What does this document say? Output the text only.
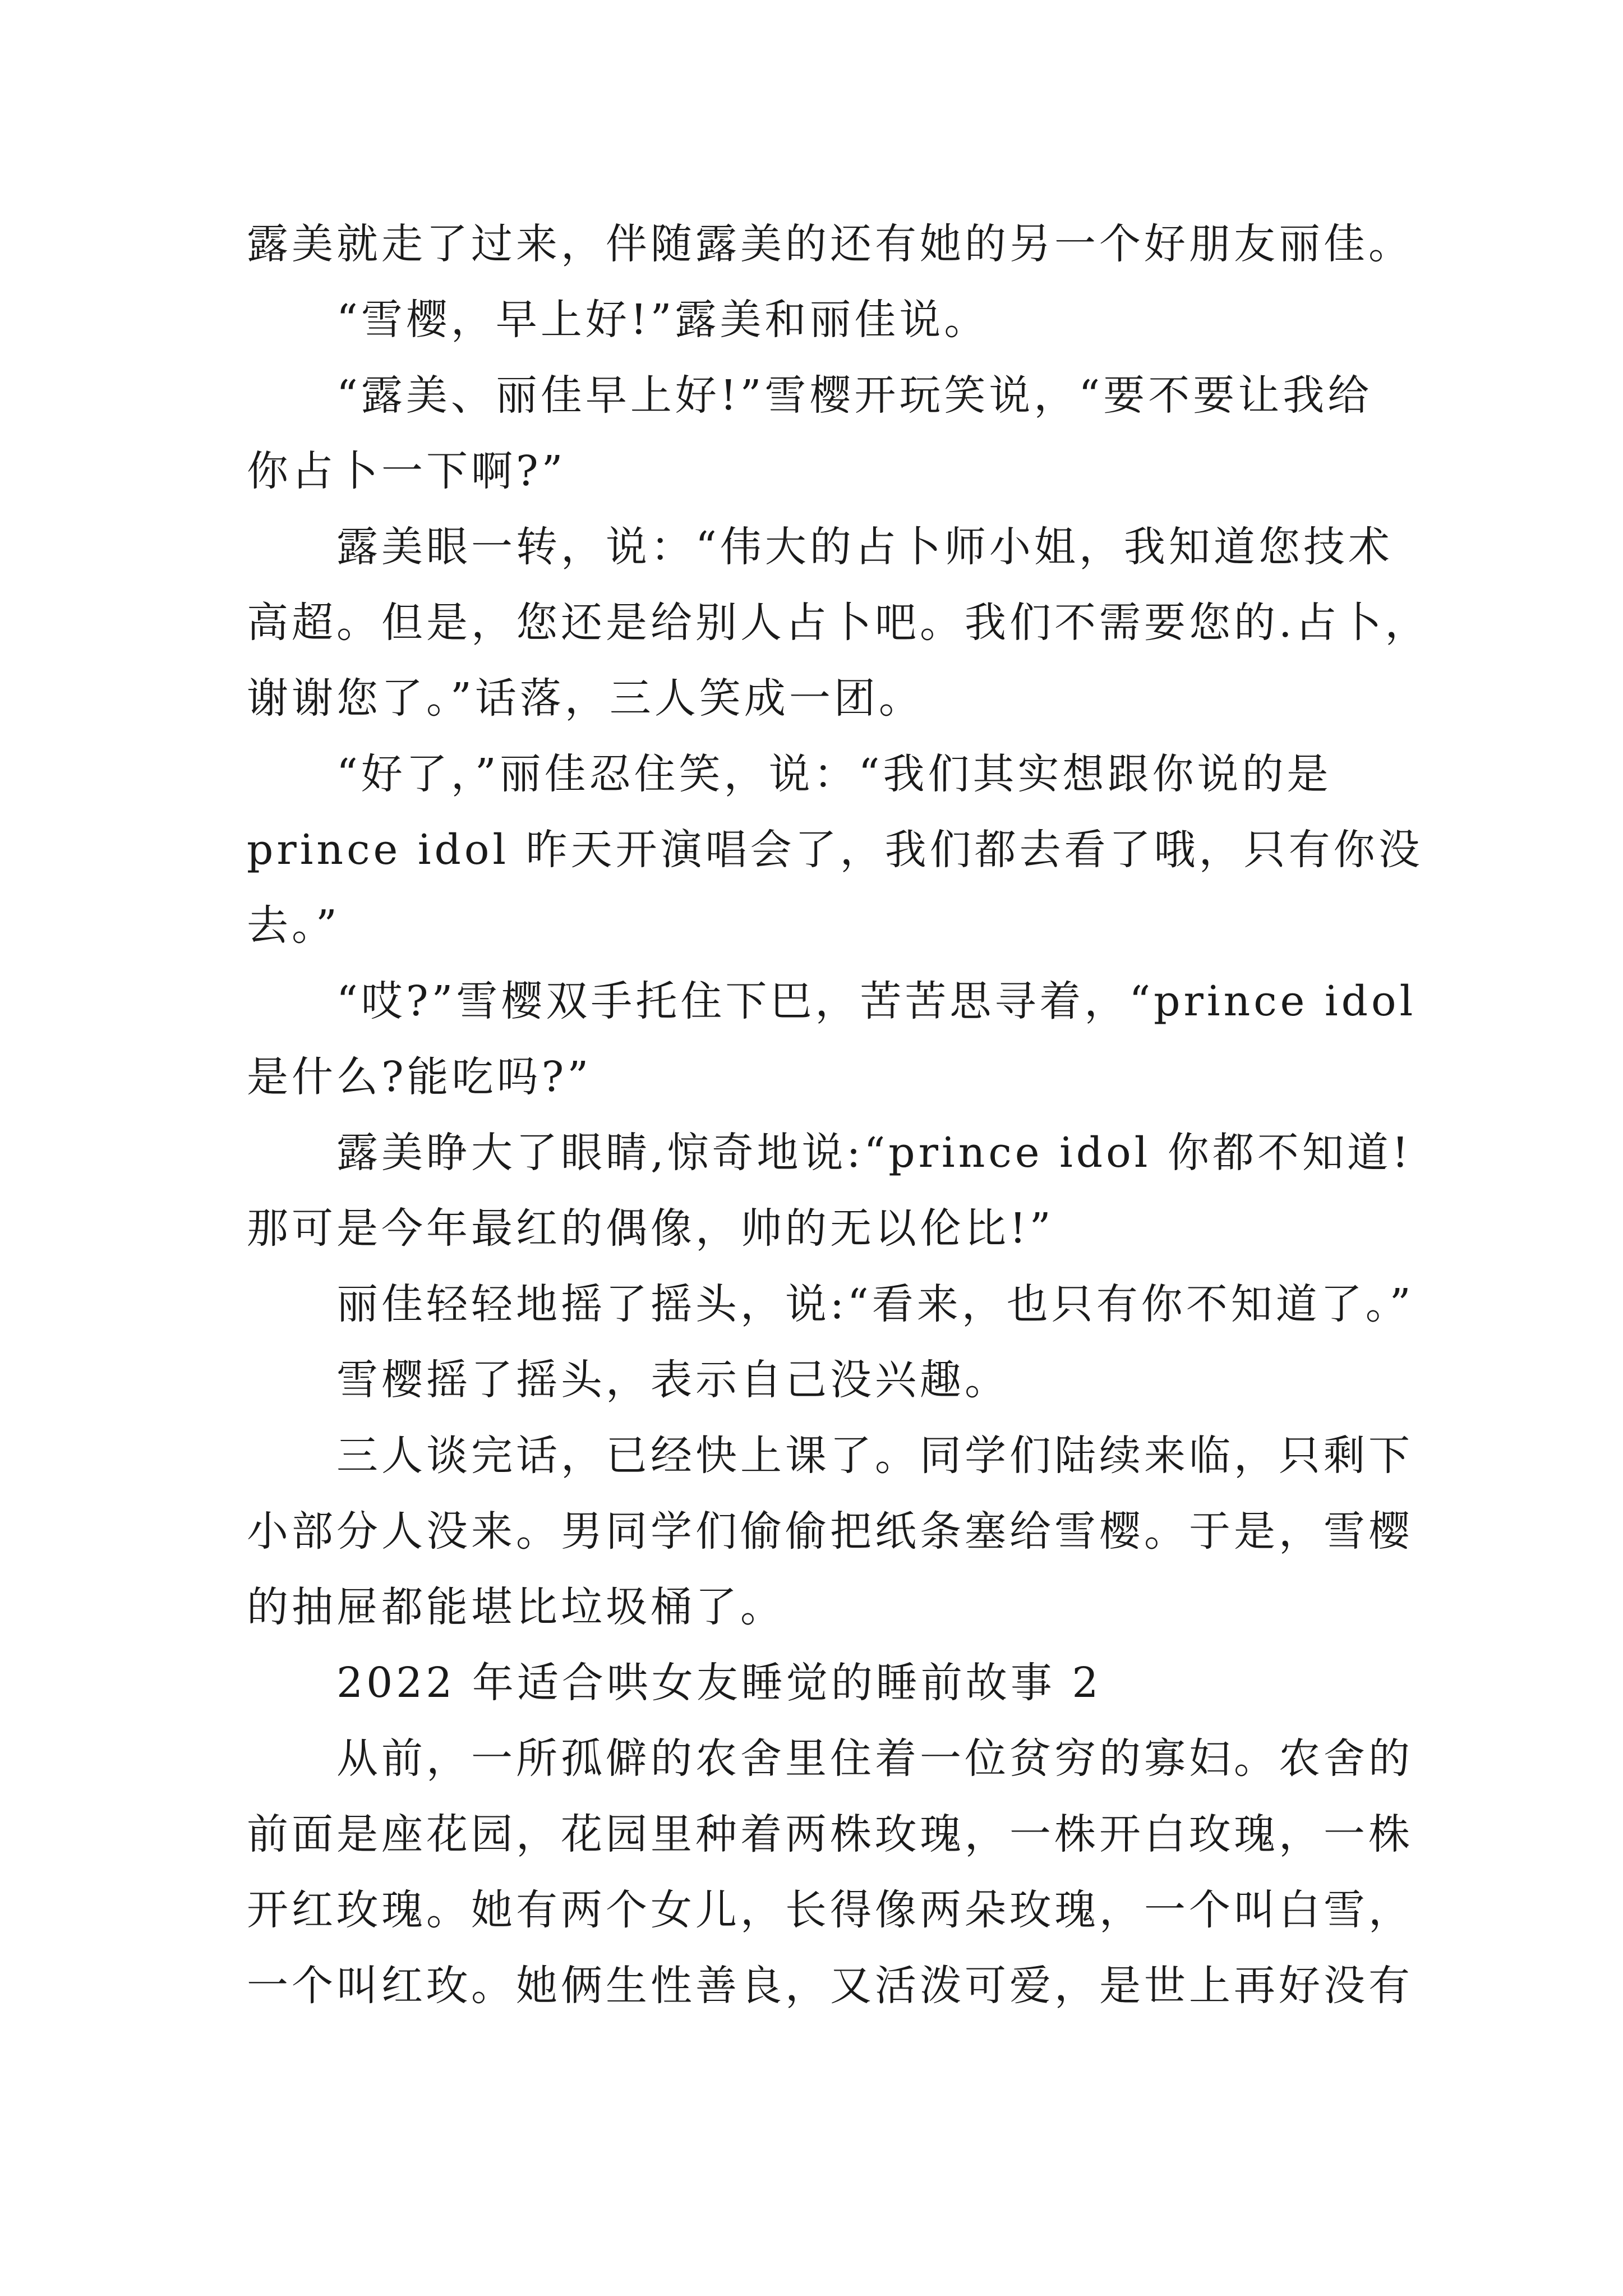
露美就走了过来，伴随露美的还有她的另一个好朋友丽佳。
“雪樱，早上好!”露美和丽佳说。
“露美、丽佳早上好!”雪樱开玩笑说，“要不要让我给
你占卜一下啊?”
露美眼一转，说：“伟大的占卜师小姐，我知道您技术
高超。但是，您还是给别人占卜吧。我们不需要您的.占卜，
谢谢您了。”话落，三人笑成一团。
“好了，”丽佳忍住笑，说：“我们其实想跟你说的是
prince idol 昨天开演唱会了，我们都去看了哦，只有你没
去。”
“哎?”雪樱双手托住下巴，苦苦思寻着，“prince idol
是什么?能吃吗?”
露美睁大了眼睛,惊奇地说:“prince idol 你都不知道!
那可是今年最红的偶像，帅的无以伦比!”
丽佳轻轻地摇了摇头，说:“看来，也只有你不知道了。”
雪樱摇了摇头，表示自己没兴趣。
三人谈完话，已经快上课了。同学们陆续来临，只剩下
小部分人没来。男同学们偷偷把纸条塞给雪樱。于是，雪樱
的抽屉都能堪比垃圾桶了。
2022 年适合哄女友睡觉的睡前故事 2
从前，一所孤僻的农舍里住着一位贫穷的寡妇。农舍的
前面是座花园，花园里种着两株玫瑰，一株开白玫瑰，一株
开红玫瑰。她有两个女儿，长得像两朵玫瑰，一个叫白雪，
一个叫红玫。她俩生性善良，又活泼可爱，是世上再好没有
